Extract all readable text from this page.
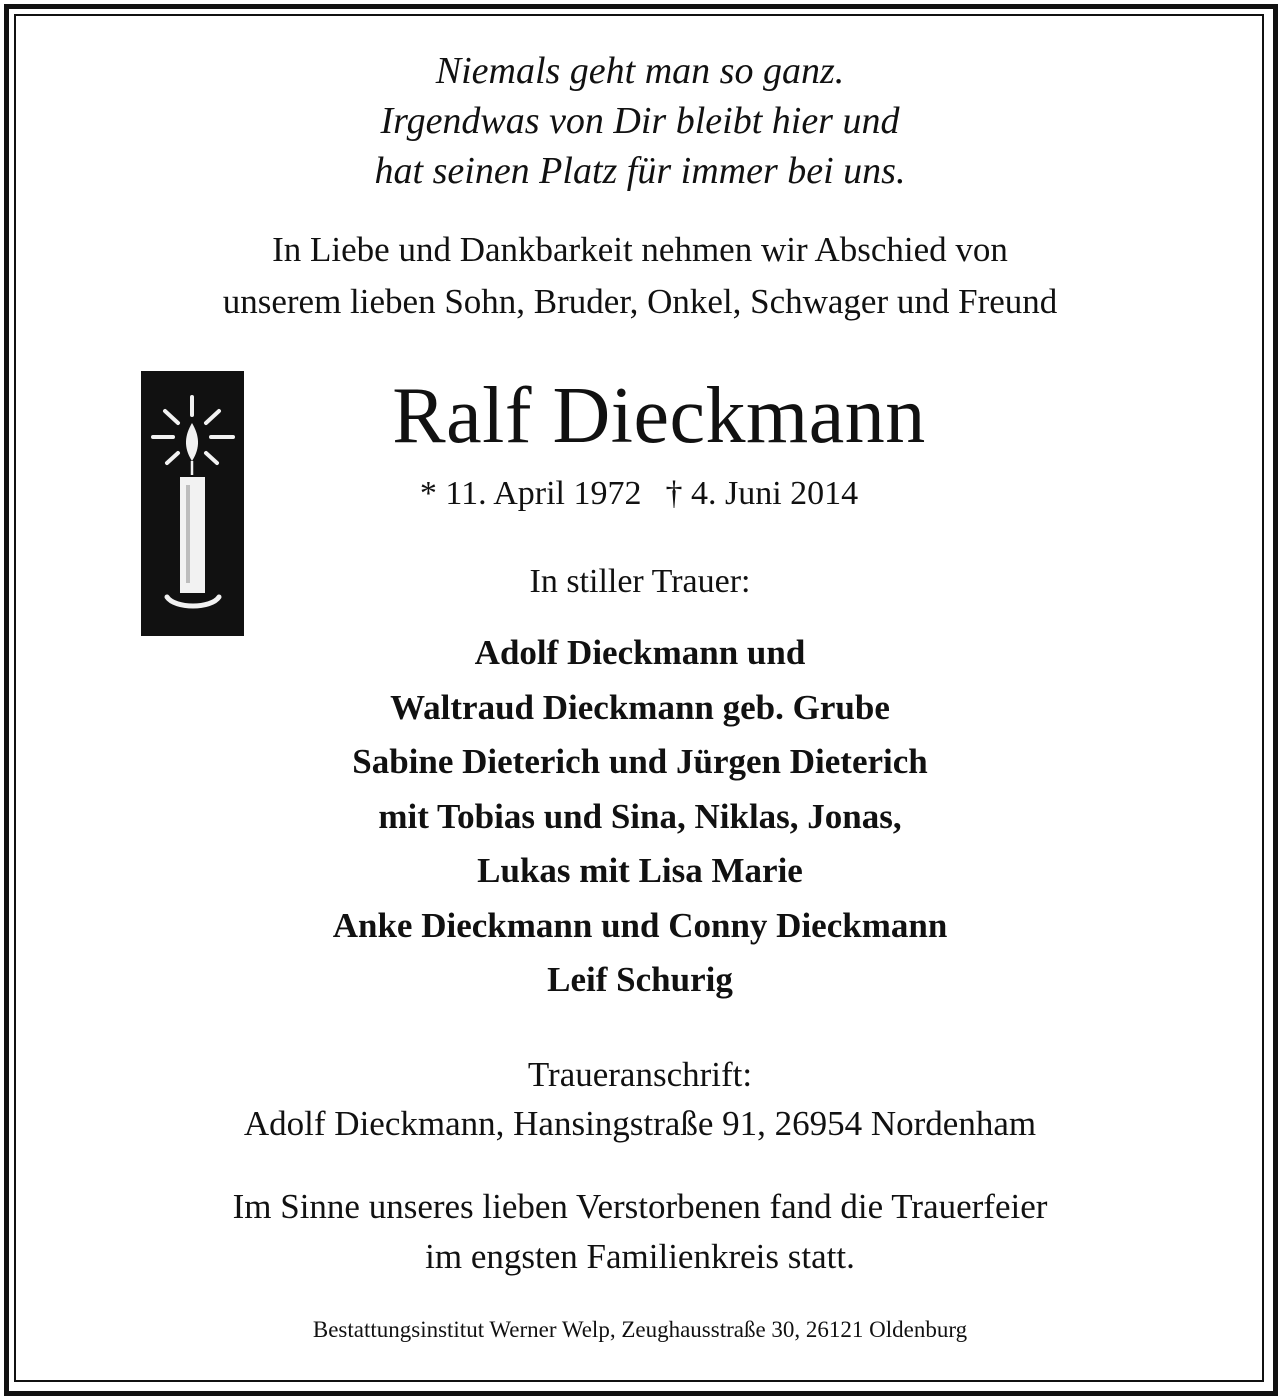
Niemals geht man so ganz.
Irgendwas von Dir bleibt hier und
hat seinen Platz für immer bei uns.
In Liebe und Dankbarkeit nehmen wir Abschied von
unserem lieben Sohn, Bruder, Onkel, Schwager und Freund
Ralf Dieckmann
* 11. April 1972 † 4. Juni 2014
In stiller Trauer:
Adolf Dieckmann und
Waltraud Dieckmann geb. Grube
Sabine Dieterich und Jürgen Dieterich
mit Tobias und Sina, Niklas, Jonas,
Lukas mit Lisa Marie
Anke Dieckmann und Conny Dieckmann
Leif Schurig
Traueranschrift:
Adolf Dieckmann, Hansingstraße 91, 26954 Nordenham
Im Sinne unseres lieben Verstorbenen fand die Trauerfeier
im engsten Familienkreis statt.
Bestattungsinstitut Werner Welp, Zeughausstraße 30, 26121 Oldenburg
